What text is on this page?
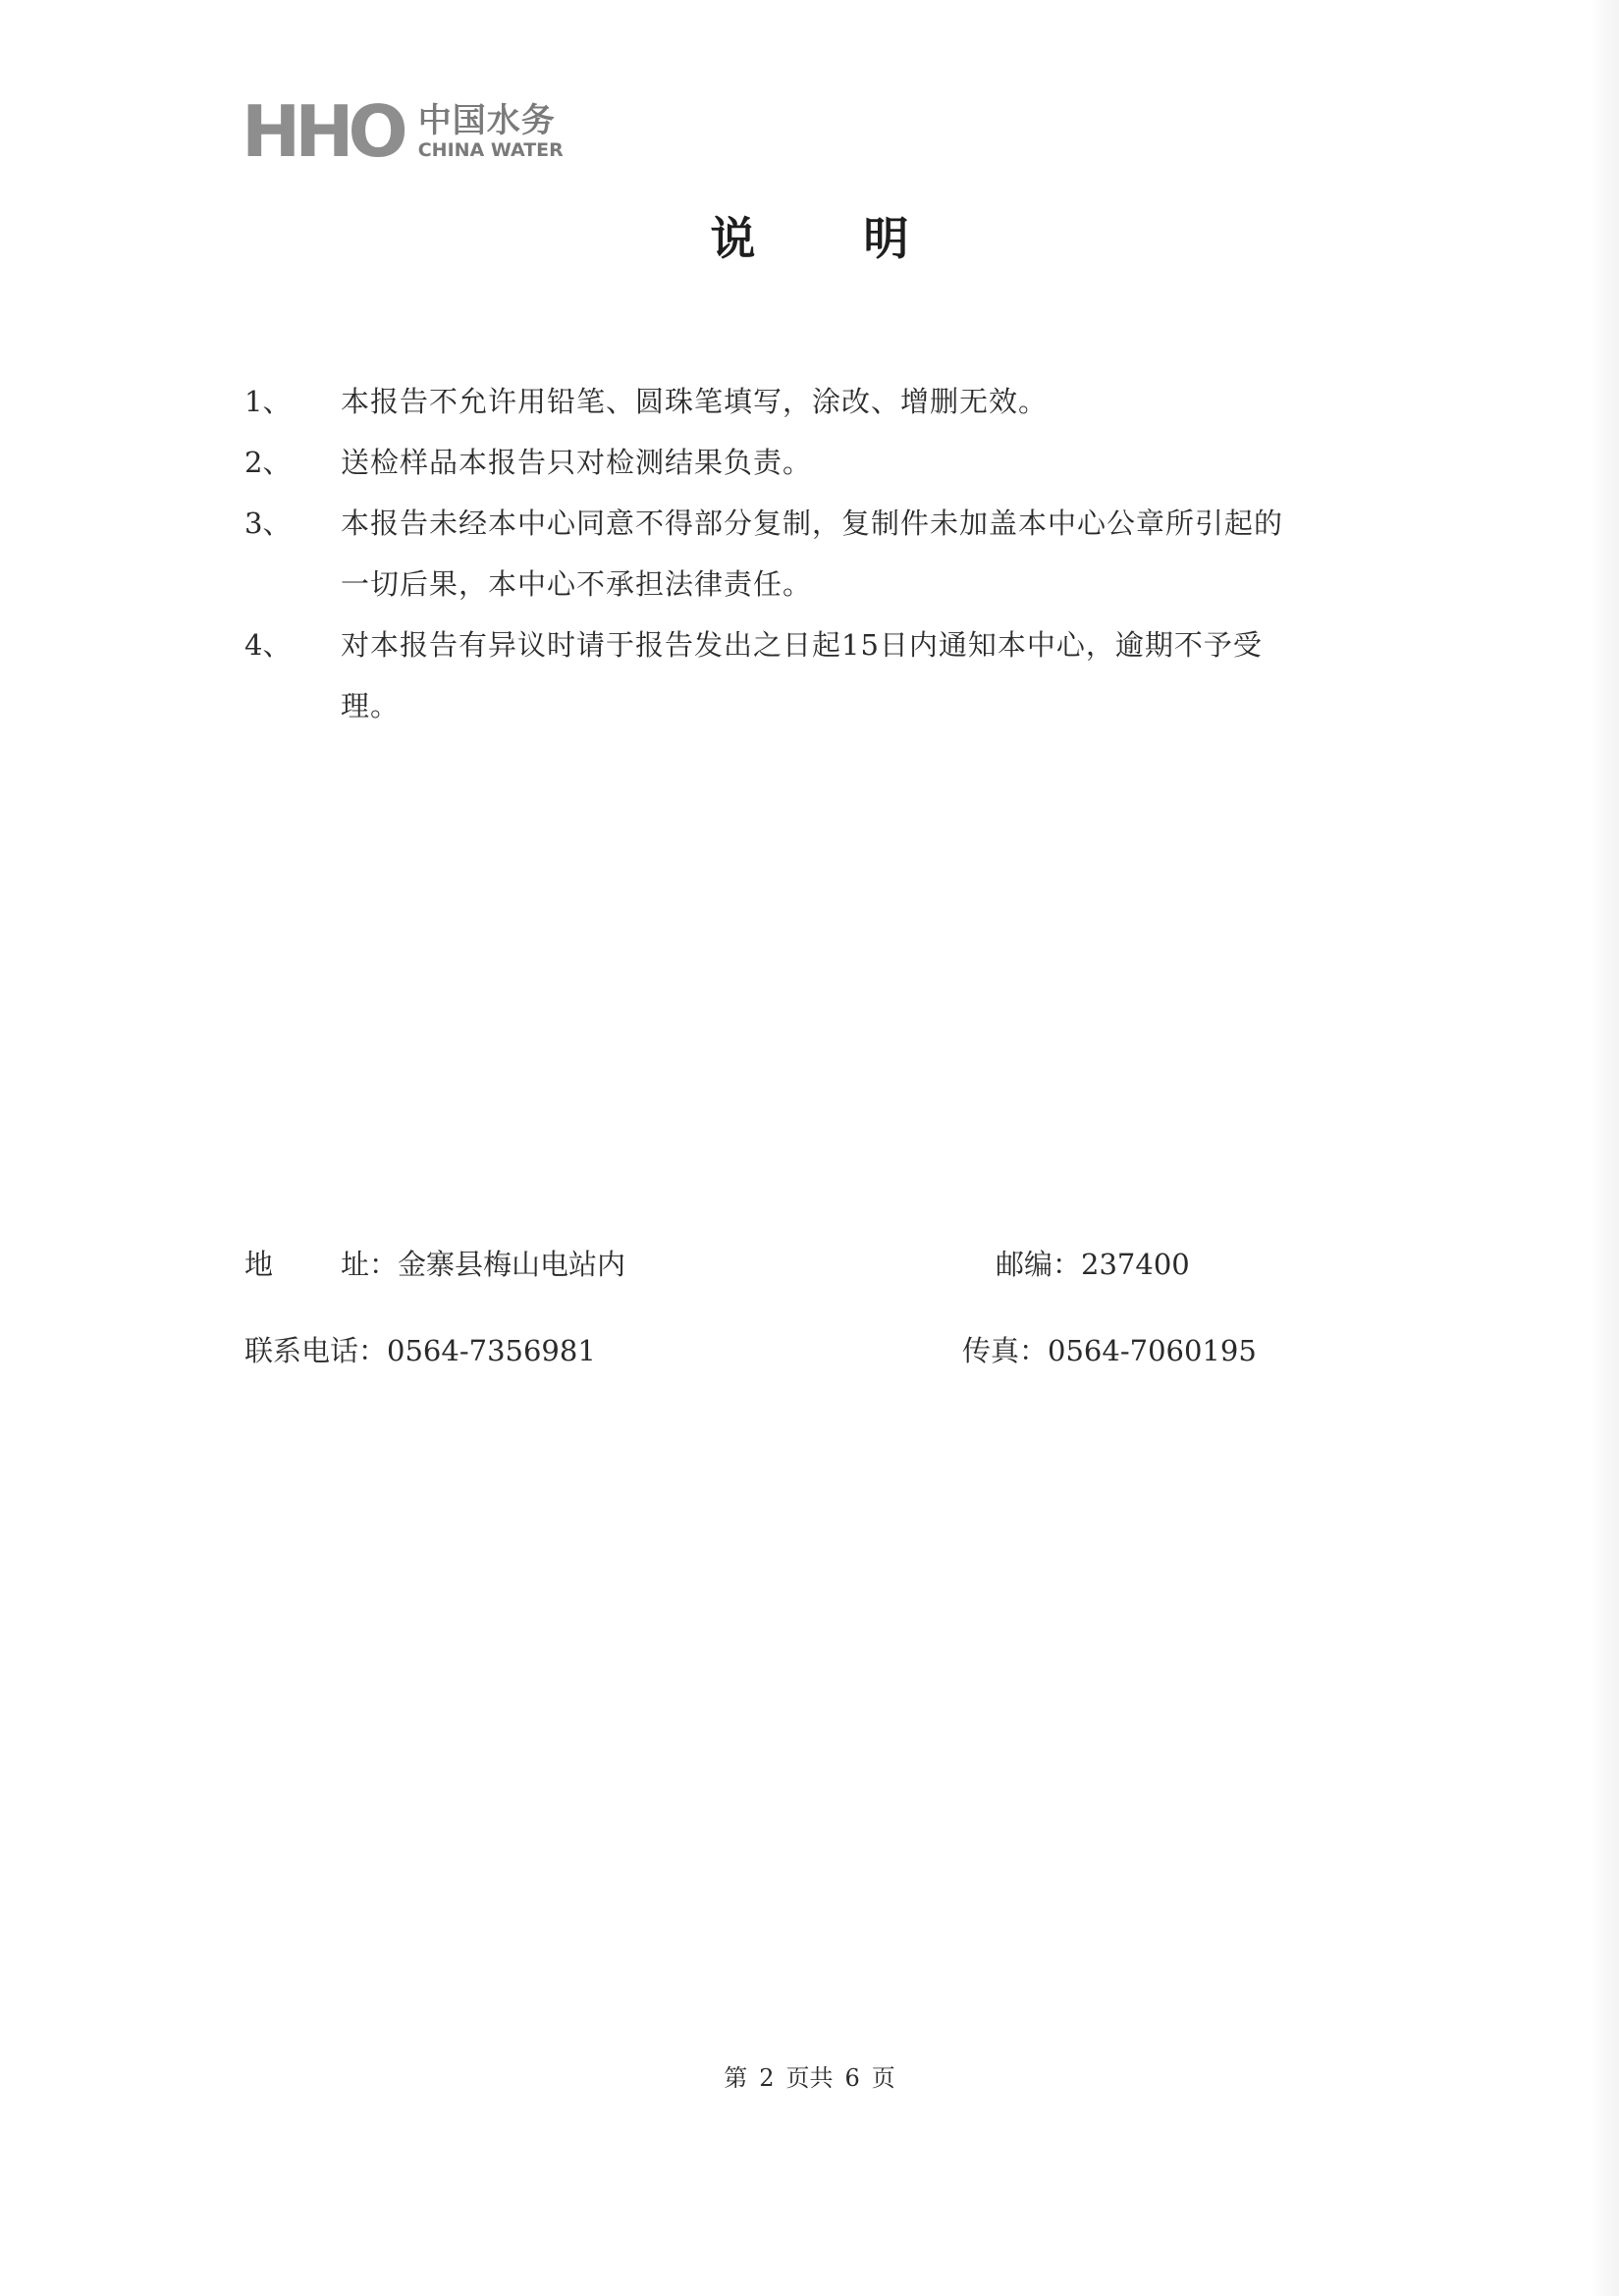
HHO 中国水务
CHINA WATER
说 明
1、	本报告不允许用铅笔、圆珠笔填写，涂改、增删无效。
2、	送检样品本报告只对检测结果负责。
3、	本报告未经本中心同意不得部分复制，复制件未加盖本中心公章所引起的
一切后果，本中心不承担法律责任。
4、	对本报告有异议时请于报告发出之日起15日内通知本中心，逾期不予受
理。
地 址：金寨县梅山电站内	邮编：237400
联系电话：0564-7356981	传真：0564-7060195
第 2 页共 6 页
